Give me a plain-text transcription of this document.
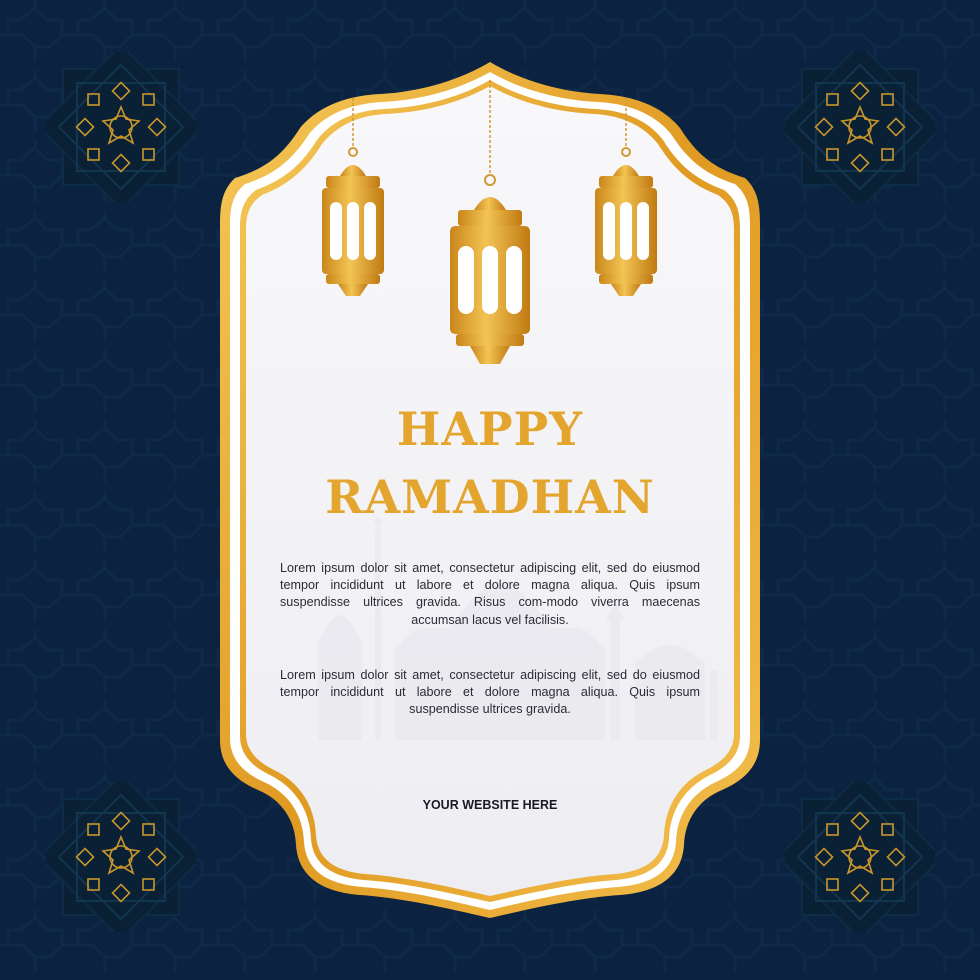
HAPPY
RAMADHAN
Lorem ipsum dolor sit amet, consectetur adipiscing elit, sed do eiusmod tempor incididunt ut labore et dolore magna aliqua. Quis ipsum suspendisse ultrices gravida. Risus com-modo viverra maecenas accumsan lacus vel facilisis.
Lorem ipsum dolor sit amet, consectetur adipiscing elit, sed do eiusmod tempor incididunt ut labore et dolore magna aliqua. Quis ipsum suspendisse ultrices gravida.
YOUR WEBSITE HERE
